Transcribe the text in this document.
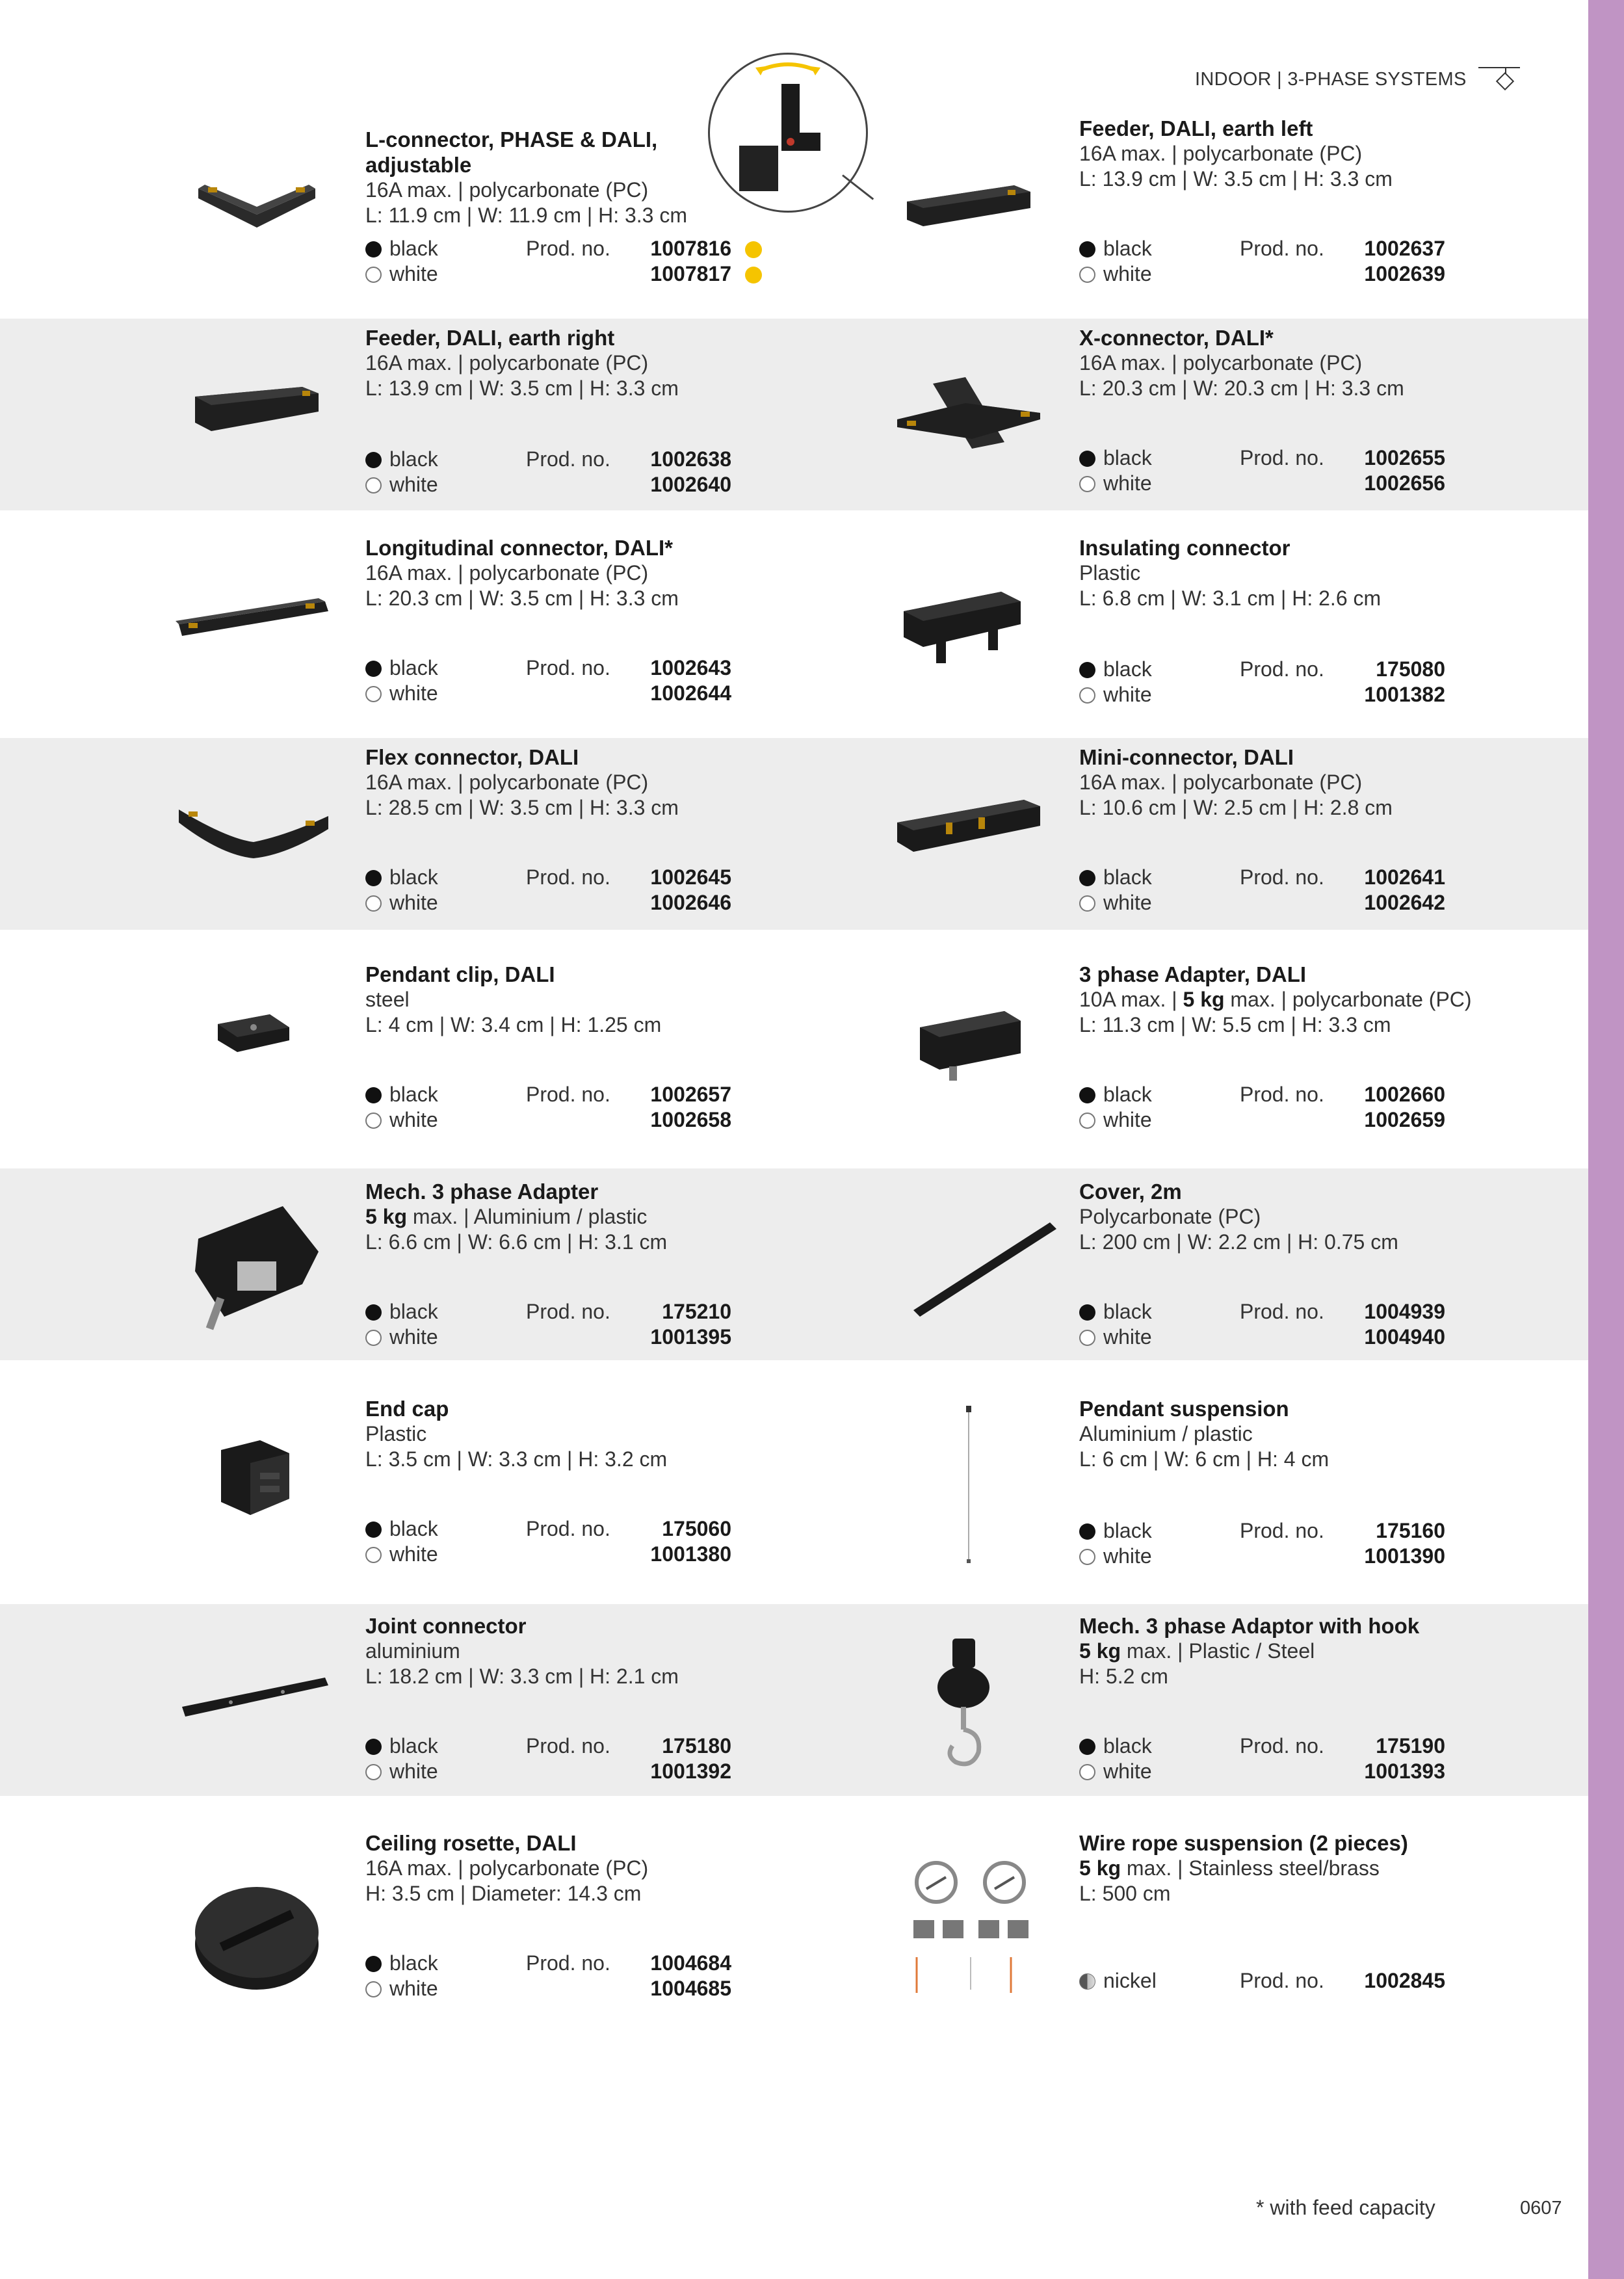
INDOOR | 3-PHASE SYSTEMS
L-connector, PHASE & DALI, adjustable
16A max. | polycarbonate (PC)
L: 11.9 cm | W: 11.9 cm | H: 3.3 cm
black	Prod. no. 1007816
white	1007817
Feeder, DALI, earth left
16A max. | polycarbonate (PC)
L: 13.9 cm | W: 3.5 cm | H: 3.3 cm
black	Prod. no. 1002637
white	1002639
Feeder, DALI, earth right
16A max. | polycarbonate (PC)
L: 13.9 cm | W: 3.5 cm | H: 3.3 cm
black	Prod. no. 1002638
white	1002640
X-connector, DALI*
16A max. | polycarbonate (PC)
L: 20.3 cm | W: 20.3 cm | H: 3.3 cm
black	Prod. no. 1002655
white	1002656
Longitudinal connector, DALI*
16A max. | polycarbonate (PC)
L: 20.3 cm | W: 3.5 cm | H: 3.3 cm
black	Prod. no. 1002643
white	1002644
Insulating connector
Plastic
L: 6.8 cm | W: 3.1 cm | H: 2.6 cm
black	Prod. no. 175080
white	1001382
Flex connector, DALI
16A max. | polycarbonate (PC)
L: 28.5 cm | W: 3.5 cm | H: 3.3 cm
black	Prod. no. 1002645
white	1002646
Mini-connector, DALI
16A max. | polycarbonate (PC)
L: 10.6 cm | W: 2.5 cm | H: 2.8 cm
black	Prod. no. 1002641
white	1002642
Pendant clip, DALI
steel
L: 4 cm | W: 3.4 cm | H: 1.25 cm
black	Prod. no. 1002657
white	1002658
3 phase Adapter, DALI
10A max. | 5 kg max. | polycarbonate (PC)
L: 11.3 cm | W: 5.5 cm | H: 3.3 cm
black	Prod. no. 1002660
white	1002659
Mech. 3 phase Adapter
5 kg max. | Aluminium / plastic
L: 6.6 cm | W: 6.6 cm | H: 3.1 cm
black	Prod. no. 175210
white	1001395
Cover, 2m
Polycarbonate (PC)
L: 200 cm | W: 2.2 cm | H: 0.75 cm
black	Prod. no. 1004939
white	1004940
End cap
Plastic
L: 3.5 cm | W: 3.3 cm | H: 3.2 cm
black	Prod. no. 175060
white	1001380
Pendant suspension
Aluminium / plastic
L: 6 cm | W: 6 cm | H: 4 cm
black	Prod. no. 175160
white	1001390
Joint connector
aluminium
L: 18.2 cm | W: 3.3 cm | H: 2.1 cm
black	Prod. no. 175180
white	1001392
Mech. 3 phase Adaptor with hook
5 kg max. | Plastic / Steel
H: 5.2 cm
black	Prod. no. 175190
white	1001393
Ceiling rosette, DALI
16A max. | polycarbonate (PC)
H: 3.5 cm | Diameter: 14.3 cm
black	Prod. no. 1004684
white	1004685
Wire rope suspension (2 pieces)
5 kg max. | Stainless steel/brass
L: 500 cm
nickel	Prod. no. 1002845
* with feed capacity	0607
